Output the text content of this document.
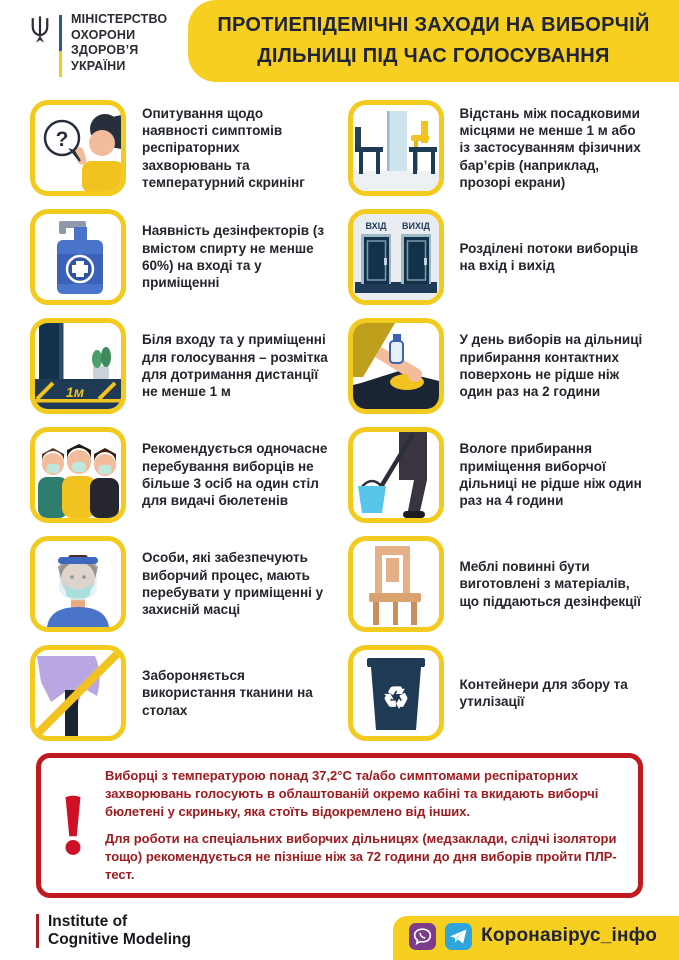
МІНІСТЕРСТВО
ОХОРОНИ
ЗДОРОВ’Я
УКРАЇНИ
ПРОТИЕПІДЕМІЧНІ ЗАХОДИ НА ВИБОРЧІЙ
ДІЛЬНИЦІ ПІД ЧАС ГОЛОСУВАННЯ
?

Опитування щодо наявності симптомів респіраторних захворювань та температурний скринінг

Відстань між посадковими місцями не менше 1 м або із застосуванням фізичних бар’єрів (наприклад, прозорі екрани)

Наявність дезінфекторів (з вмістом спирту не менше 60%) на вході та у приміщенні

ВХІД ВИХІД

Розділені потоки виборців на вхід і вихід

1м

Біля входу та у приміщенні для голосування – розмітка для дотримання дистанції не менше 1 м

У день виборів на дільниці прибирання контактних поверхонь не рідше ніж один раз на 2 години

Рекомендується одночасне перебування виборців не більше 3 осіб на один стіл для видачі бюлетенів

Вологе прибирання приміщення виборчої дільниці не рідше ніж один раз на 4 години

Особи, які забезпечують виборчий процес, мають перебувати у приміщенні у захисній масці

Меблі повинні бути виготовлені з матеріалів, що піддаються дезінфекції

Забороняється використання тканини на столах	♻	Контейнери для збору та утилізації

Виборці з температурою понад 37,2°C та/або симптомами респіраторних захворювань голосують в облаштованій окремо кабіні та вкидають виборчі бюлетені у скриньку, яка стоїть відокремлено від інших.

Для роботи на спеціальних виборчих дільницях (медзаклади, слідчі ізолятори тощо) рекомендується не пізніше ніж за 72 години до дня виборів пройти ПЛР-тест.

Institute of
Cognitive Modeling	Коронавірус_інфо
